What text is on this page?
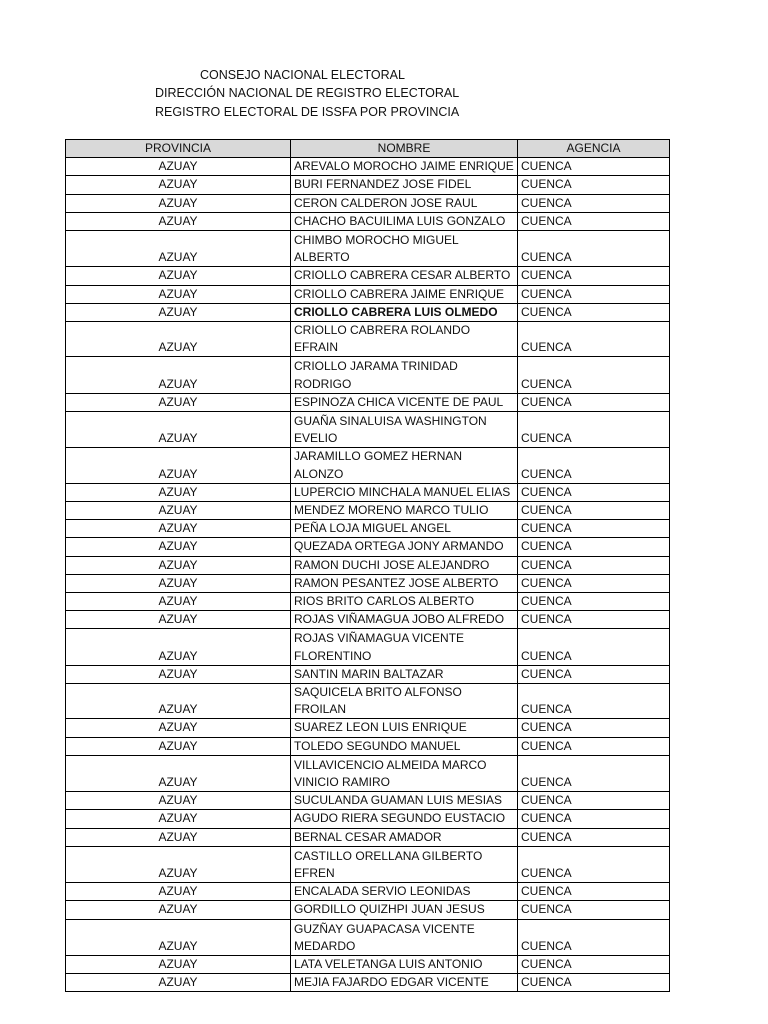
CONSEJO NACIONAL ELECTORAL
DIRECCIÓN NACIONAL DE REGISTRO ELECTORAL
REGISTRO ELECTORAL DE ISSFA POR PROVINCIA
PROVINCIA	NOMBRE	AGENCIA
AZUAY	AREVALO MOROCHO JAIME ENRIQUE	CUENCA
AZUAY	BURI FERNANDEZ JOSE FIDEL	CUENCA
AZUAY	CERON CALDERON JOSE RAUL	CUENCA
AZUAY	CHACHO BACUILIMA LUIS GONZALO	CUENCA
AZUAY	CHIMBO MOROCHO MIGUEL ALBERTO	CUENCA
AZUAY	CRIOLLO CABRERA CESAR ALBERTO	CUENCA
AZUAY	CRIOLLO CABRERA JAIME ENRIQUE	CUENCA
AZUAY	CRIOLLO CABRERA LUIS OLMEDO	CUENCA
AZUAY	CRIOLLO CABRERA ROLANDO EFRAIN	CUENCA
AZUAY	CRIOLLO JARAMA TRINIDAD RODRIGO	CUENCA
AZUAY	ESPINOZA CHICA VICENTE DE PAUL	CUENCA
AZUAY	GUAÑA SINALUISA WASHINGTON EVELIO	CUENCA
AZUAY	JARAMILLO GOMEZ HERNAN ALONZO	CUENCA
AZUAY	LUPERCIO MINCHALA MANUEL ELIAS	CUENCA
AZUAY	MENDEZ MORENO MARCO TULIO	CUENCA
AZUAY	PEÑA LOJA MIGUEL ANGEL	CUENCA
AZUAY	QUEZADA ORTEGA JONY ARMANDO	CUENCA
AZUAY	RAMON DUCHI JOSE ALEJANDRO	CUENCA
AZUAY	RAMON PESANTEZ JOSE ALBERTO	CUENCA
AZUAY	RIOS BRITO CARLOS ALBERTO	CUENCA
AZUAY	ROJAS VIÑAMAGUA JOBO ALFREDO	CUENCA
AZUAY	ROJAS VIÑAMAGUA VICENTE FLORENTINO	CUENCA
AZUAY	SANTIN MARIN BALTAZAR	CUENCA
AZUAY	SAQUICELA BRITO ALFONSO FROILAN	CUENCA
AZUAY	SUAREZ LEON LUIS ENRIQUE	CUENCA
AZUAY	TOLEDO SEGUNDO MANUEL	CUENCA
AZUAY	VILLAVICENCIO ALMEIDA MARCO VINICIO RAMIRO	CUENCA
AZUAY	SUCULANDA GUAMAN LUIS MESIAS	CUENCA
AZUAY	AGUDO RIERA SEGUNDO EUSTACIO	CUENCA
AZUAY	BERNAL CESAR AMADOR	CUENCA
AZUAY	CASTILLO ORELLANA GILBERTO EFREN	CUENCA
AZUAY	ENCALADA SERVIO LEONIDAS	CUENCA
AZUAY	GORDILLO QUIZHPI JUAN JESUS	CUENCA
AZUAY	GUZÑAY GUAPACASA VICENTE MEDARDO	CUENCA
AZUAY	LATA VELETANGA LUIS ANTONIO	CUENCA
AZUAY	MEJIA FAJARDO EDGAR VICENTE	CUENCA
